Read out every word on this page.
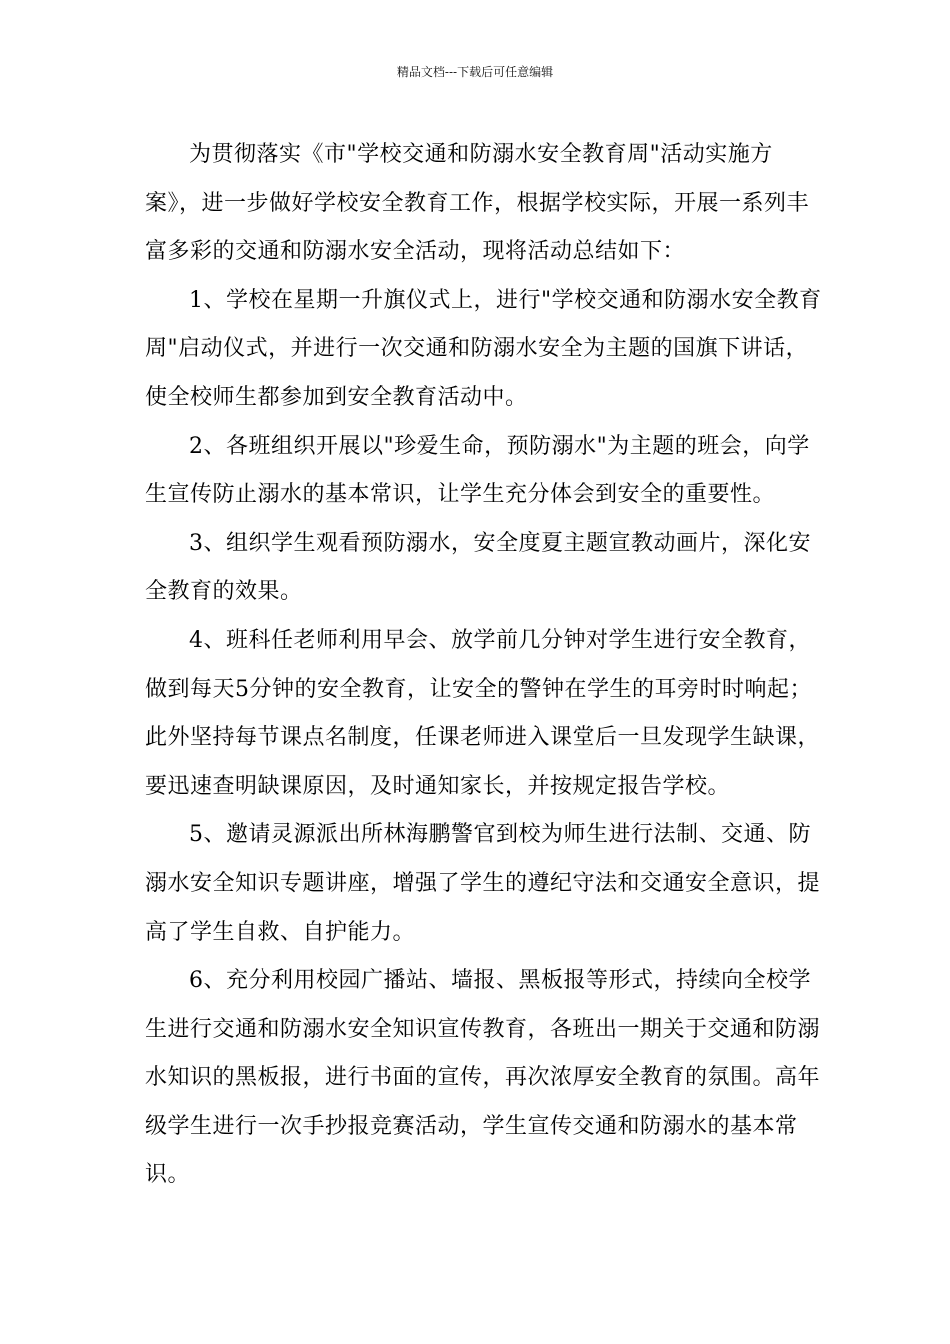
精品文档---下载后可任意编辑

为贯彻落实《市"学校交通和防溺水安全教育周"活动实施方案》，进一步做好学校安全教育工作，根据学校实际，开展一系列丰富多彩的交通和防溺水安全活动，现将活动总结如下：

1、学校在星期一升旗仪式上，进行"学校交通和防溺水安全教育周"启动仪式，并进行一次交通和防溺水安全为主题的国旗下讲话，使全校师生都参加到安全教育活动中。

2、各班组织开展以"珍爱生命，预防溺水"为主题的班会，向学生宣传防止溺水的基本常识，让学生充分体会到安全的重要性。

3、组织学生观看预防溺水，安全度夏主题宣教动画片，深化安全教育的效果。

4、班科任老师利用早会、放学前几分钟对学生进行安全教育，做到每天5分钟的安全教育，让安全的警钟在学生的耳旁时时响起；此外坚持每节课点名制度，任课老师进入课堂后一旦发现学生缺课，要迅速查明缺课原因，及时通知家长，并按规定报告学校。

5、邀请灵源派出所林海鹏警官到校为师生进行法制、交通、防溺水安全知识专题讲座，增强了学生的遵纪守法和交通安全意识，提高了学生自救、自护能力。

6、充分利用校园广播站、墙报、黑板报等形式，持续向全校学生进行交通和防溺水安全知识宣传教育，各班出一期关于交通和防溺水知识的黑板报，进行书面的宣传，再次浓厚安全教育的氛围。高年级学生进行一次手抄报竞赛活动，学生宣传交通和防溺水的基本常识。
